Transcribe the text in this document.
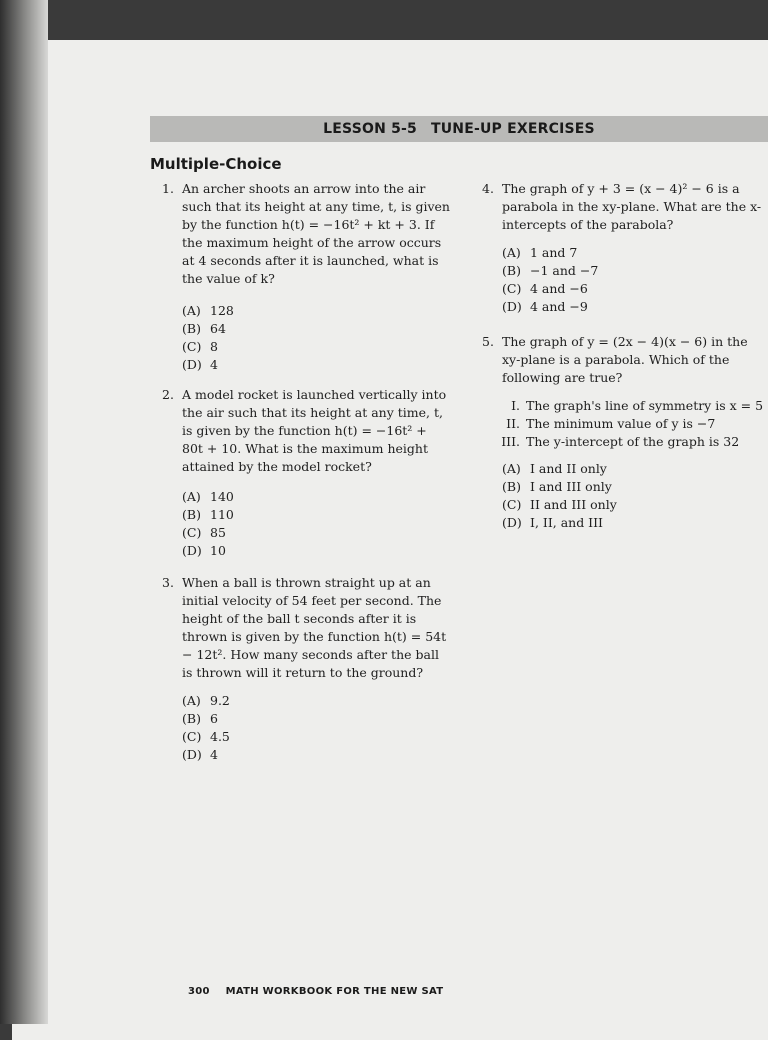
LESSON 5-5 TUNE-UP EXERCISES
Multiple-Choice
1. An archer shoots an arrow into the air such that its height at any time, t, is given by the function h(t) = −16t² + kt + 3. If the maximum height of the arrow occurs at 4 seconds after it is launched, what is the value of k?
(A) 128
(B) 64
(C) 8
(D) 4
2. A model rocket is launched vertically into the air such that its height at any time, t, is given by the function h(t) = −16t² + 80t + 10. What is the maximum height attained by the model rocket?
(A) 140
(B) 110
(C) 85
(D) 10
3. When a ball is thrown straight up at an initial velocity of 54 feet per second. The height of the ball t seconds after it is thrown is given by the function h(t) = 54t − 12t². How many seconds after the ball is thrown will it return to the ground?
(A) 9.2
(B) 6
(C) 4.5
(D) 4
4. The graph of y + 3 = (x − 4)² − 6 is a parabola in the xy-plane. What are the x-intercepts of the parabola?
(A) 1 and 7
(B) −1 and −7
(C) 4 and −6
(D) 4 and −9
5. The graph of y = (2x − 4)(x − 6) in the xy-plane is a parabola. Which of the following are true?
I. The graph's line of symmetry is x = 5
II. The minimum value of y is −7
III. The y-intercept of the graph is 32
(A) I and II only
(B) I and III only
(C) II and III only
(D) I, II, and III
300 MATH WORKBOOK FOR THE NEW SAT
